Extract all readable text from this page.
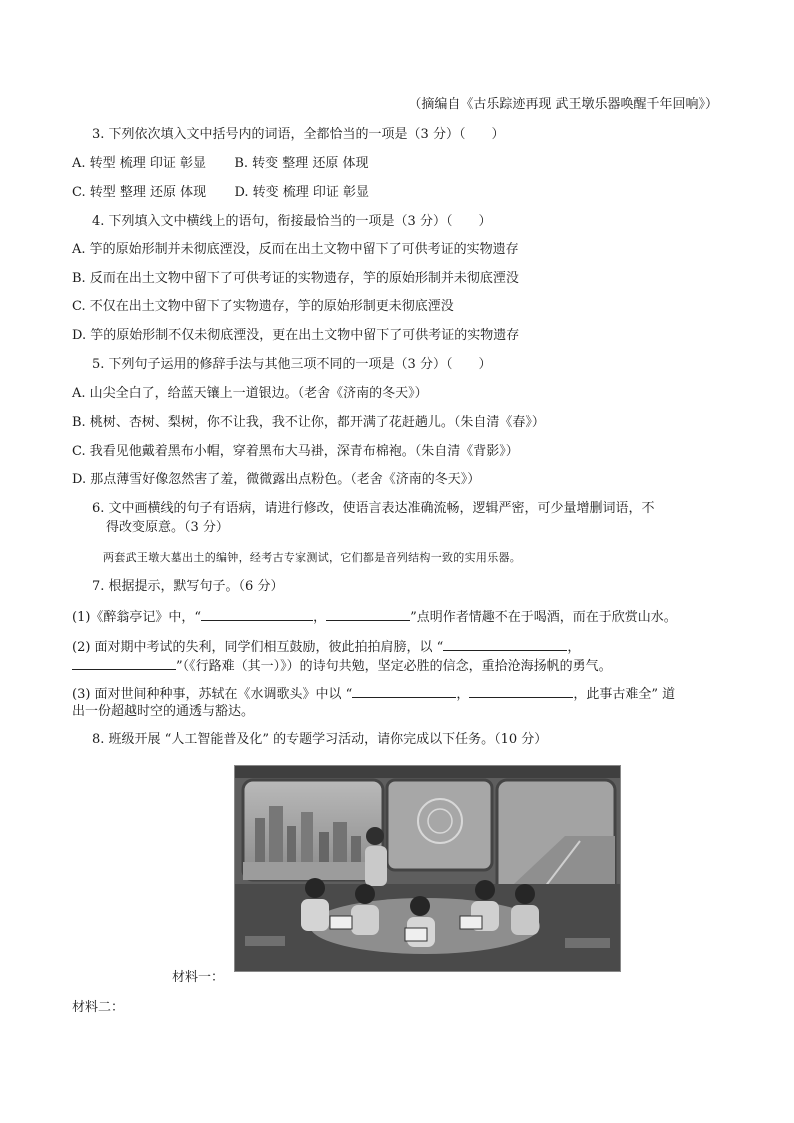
（摘编自《古乐踪迹再现 武王墩乐器唤醒千年回响》）
3. 下列依次填入文中括号内的词语，全都恰当的一项是（3 分）（　　）
A. 转型 梳理 印证 彰显 B. 转变 整理 还原 体现
C. 转型 整理 还原 体现 D. 转变 梳理 印证 彰显
4. 下列填入文中横线上的语句，衔接最恰当的一项是（3 分）（　　）
A. 竽的原始形制并未彻底湮没，反而在出土文物中留下了可供考证的实物遗存
B. 反而在出土文物中留下了可供考证的实物遗存，竽的原始形制并未彻底湮没
C. 不仅在出土文物中留下了实物遗存，竽的原始形制更未彻底湮没
D. 竽的原始形制不仅未彻底湮没，更在出土文物中留下了可供考证的实物遗存
5. 下列句子运用的修辞手法与其他三项不同的一项是（3 分）（　　）
A. 山尖全白了，给蓝天镶上一道银边。（老舍《济南的冬天》）
B. 桃树、杏树、梨树，你不让我，我不让你，都开满了花赶趟儿。（朱自清《春》）
C. 我看见他戴着黑布小帽，穿着黑布大马褂，深青布棉袍。（朱自清《背影》）
D. 那点薄雪好像忽然害了羞，微微露出点粉色。（老舍《济南的冬天》）
6. 文中画横线的句子有语病，请进行修改，使语言表达准确流畅，逻辑严密，可少量增删词语，不
得改变原意。（3 分）
两套武王墩大墓出土的编钟，经考古专家测试，它们都是音列结构一致的实用乐器。
7. 根据提示，默写句子。（6 分）
(1)《醉翁亭记》中，“	，	”点明作者情趣不在于喝酒，而在于欣赏山水。
(2) 面对期中考试的失利，同学们相互鼓励，彼此拍拍肩膀，以 “	，
”（《行路难（其一）》）的诗句共勉，坚定必胜的信念，重拾沧海扬帆的勇气。
(3) 面对世间种种事，苏轼在《水调歌头》中以 “	，	，此事古难全” 道
出一份超越时空的通透与豁达。
8. 班级开展 “人工智能普及化” 的专题学习活动，请你完成以下任务。（10 分）
材料一：
材料二：
